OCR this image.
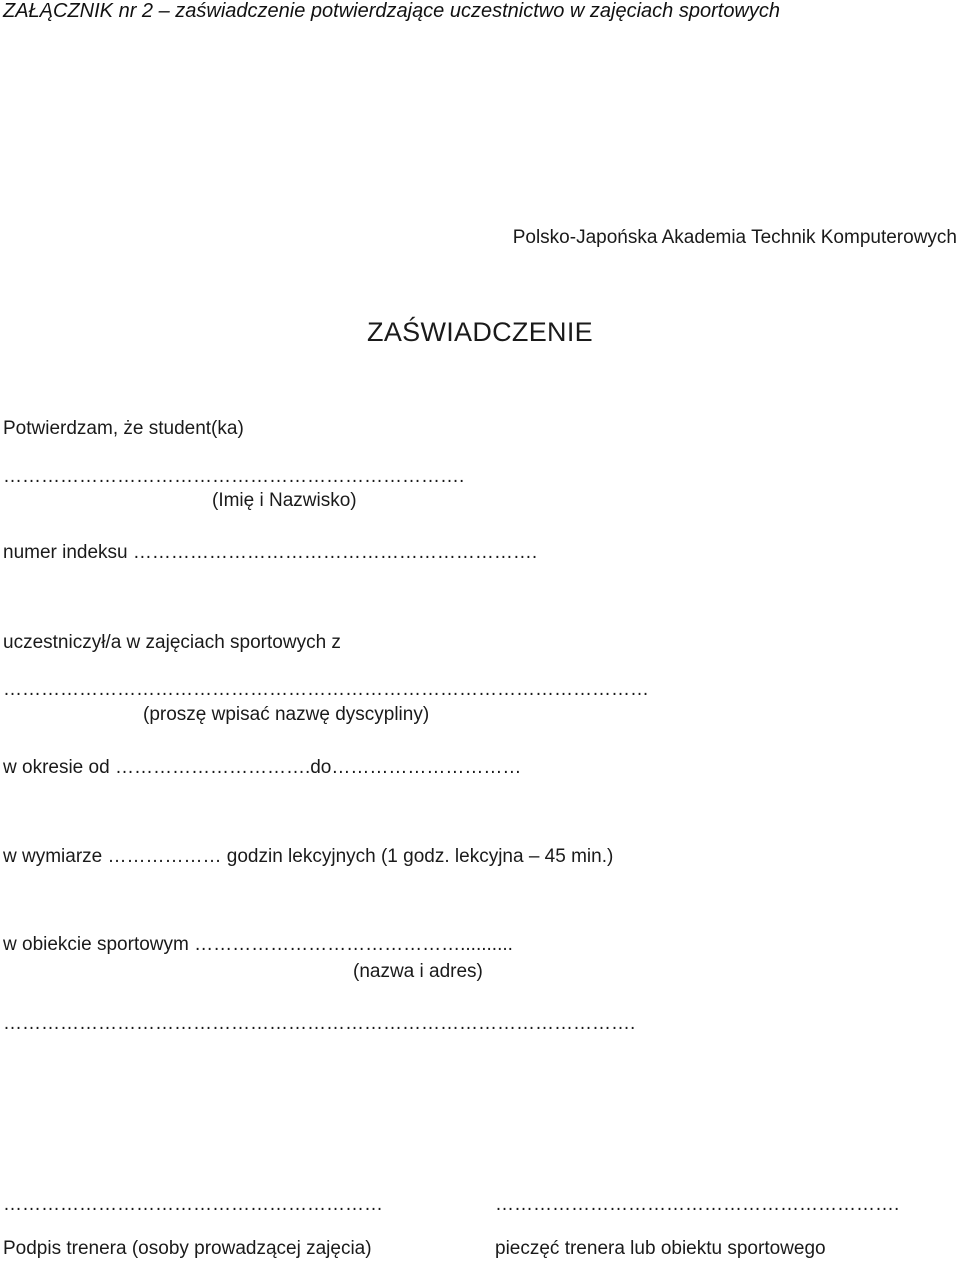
ZAŁĄCZNIK nr 2 – zaświadczenie potwierdzające uczestnictwo w zajęciach sportowych
Polsko-Japońska Akademia Technik Komputerowych
ZAŚWIADCZENIE
Potwierdzam, że student(ka)
……………………………………………………………….
(Imię i Nazwisko)
numer indeksu ……………………………………………………….
uczestniczył/a w zajęciach sportowych z
…………………………………………………………………………………………
(proszę wpisać nazwę dyscypliny)
w okresie od ………………………….do…………………………
w wymiarze ……………… godzin lekcyjnych (1 godz. lekcyjna – 45 min.)
w obiekcie sportowym ……………………………………..........
(nazwa i adres)
……………………………………………………………………………………….
……………………………………………………
Podpis trenera (osoby prowadzącej zajęcia)
……………………………………………………….
pieczęć trenera lub obiektu sportowego
